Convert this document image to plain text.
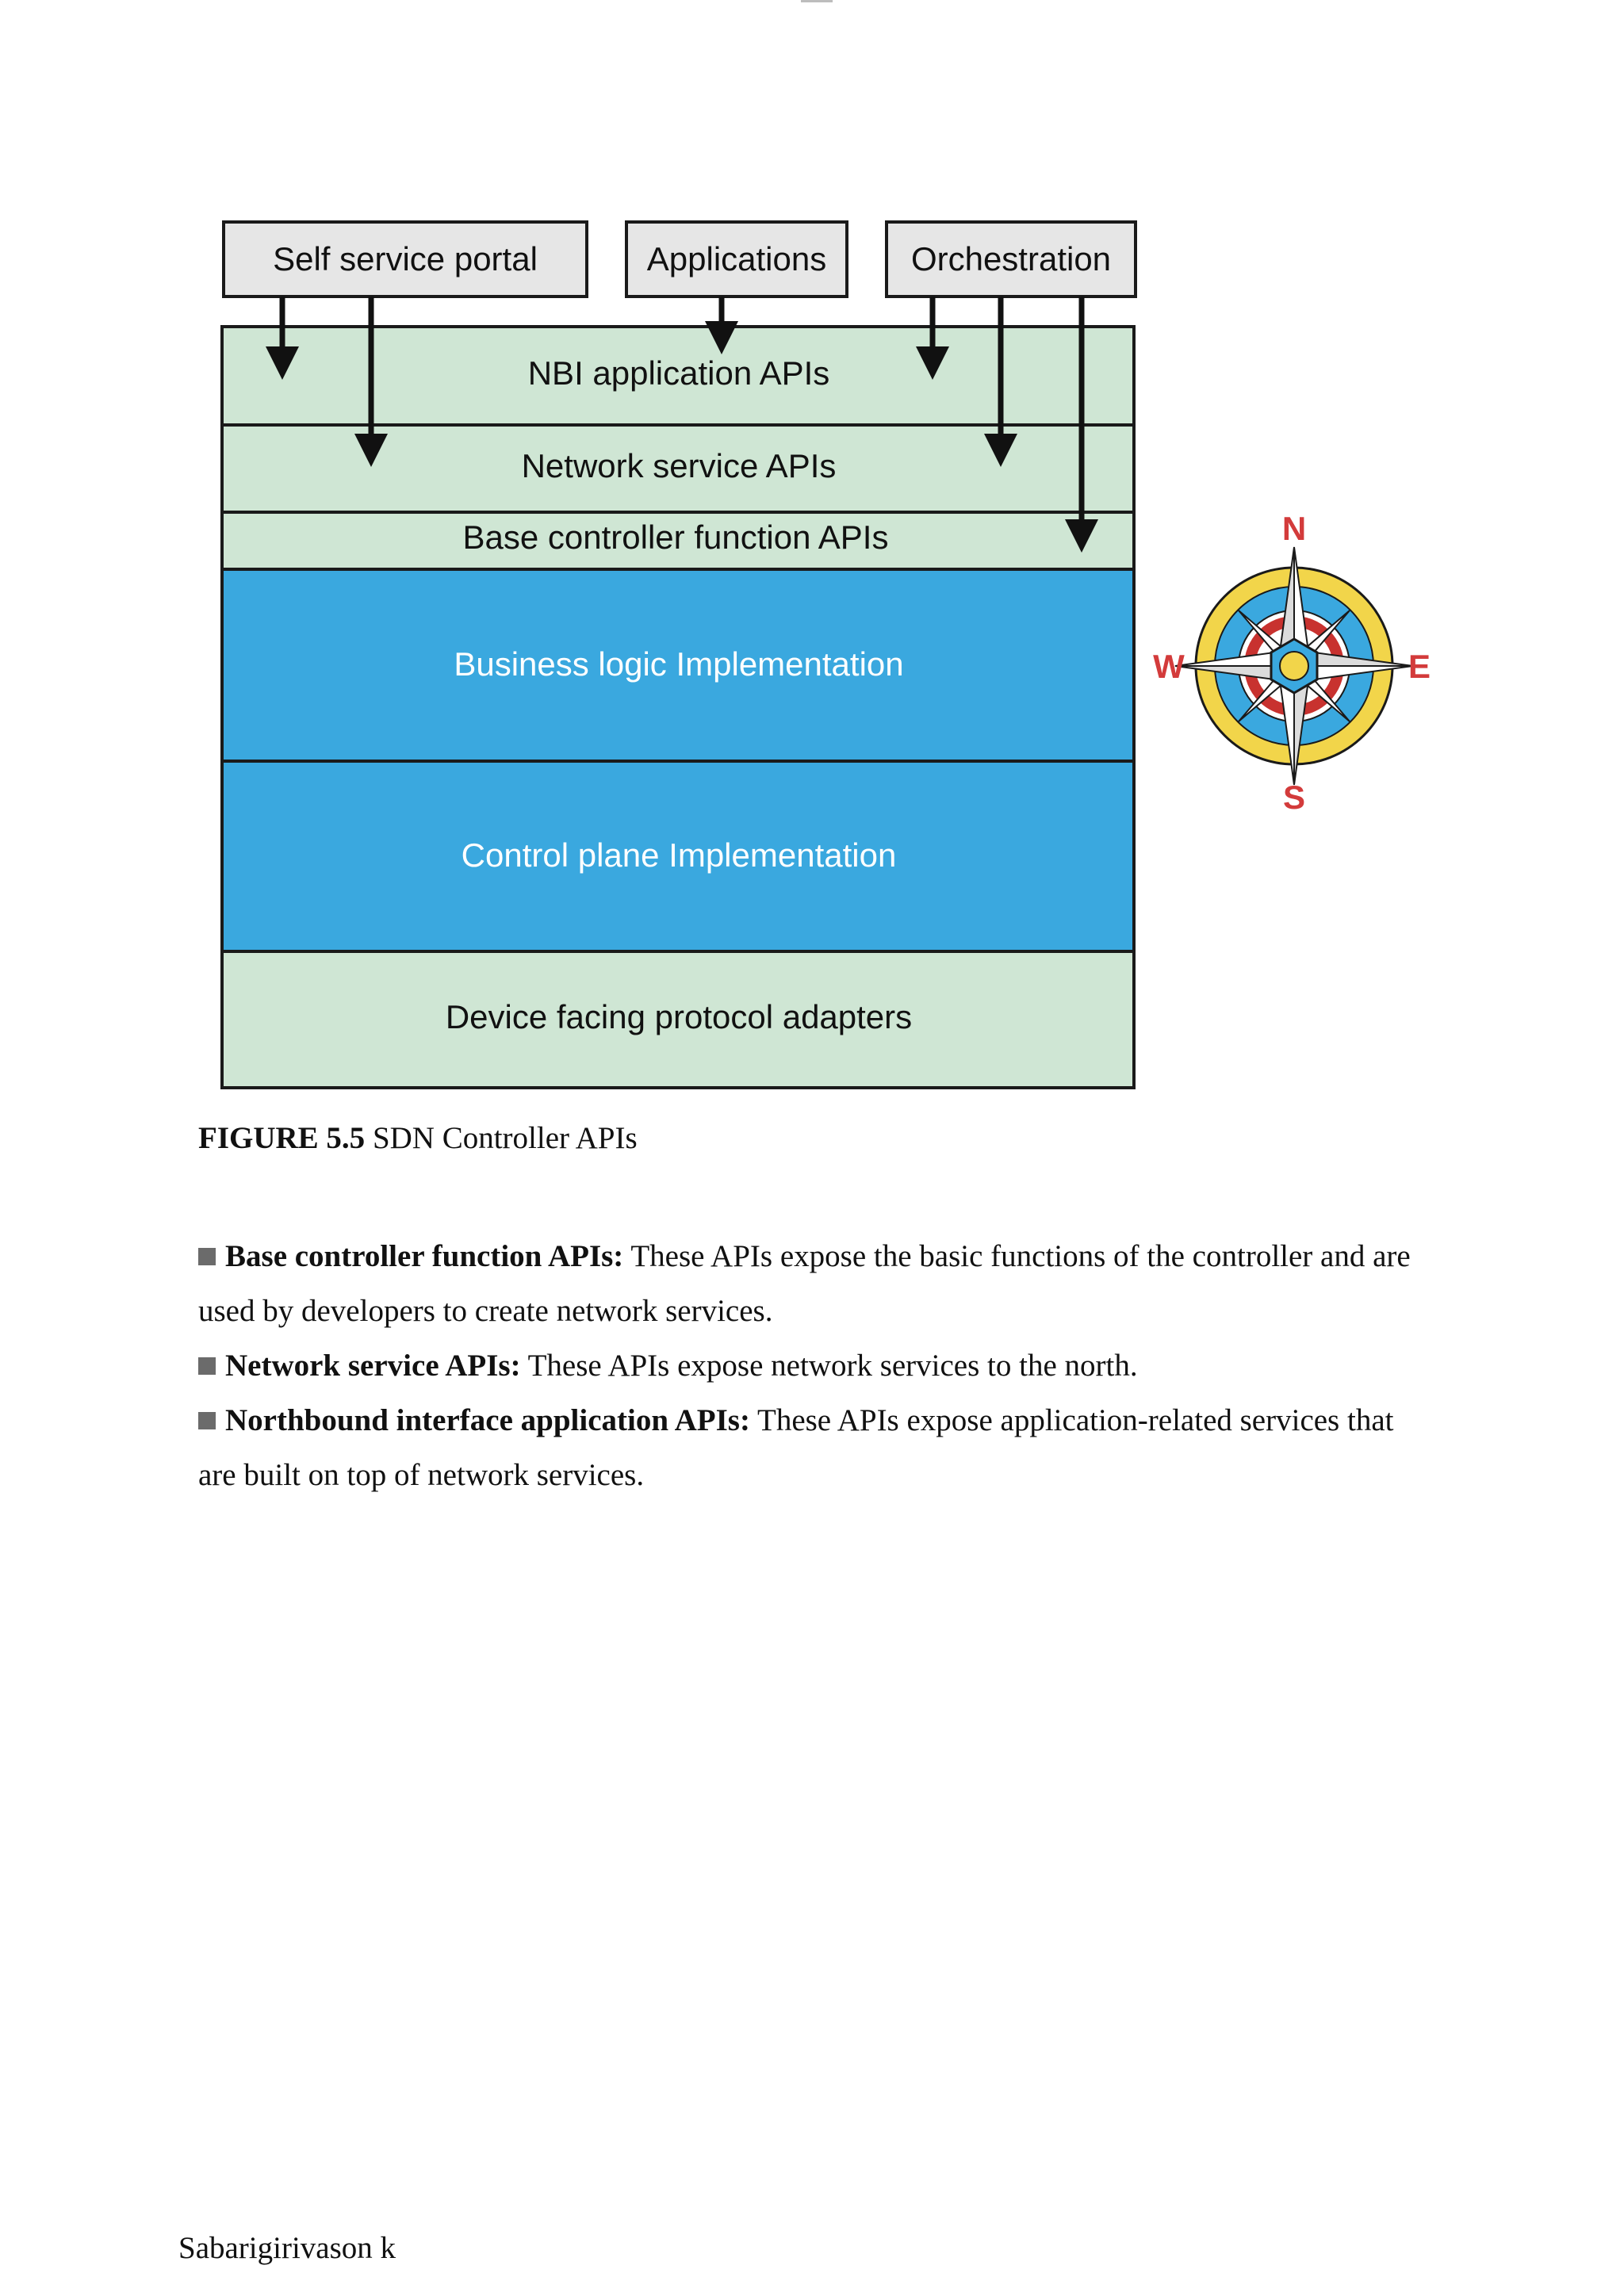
Self service portal	Applications	Orchestration
NBI application APIs
Network service APIs
Base controller function APIs
Business logic Implementation
Control plane Implementation
Device facing protocol adapters
N
S
E
W
FIGURE 5.5 SDN Controller APIs
Base controller function APIs: These APIs expose the basic functions of the controller and are used by developers to create network services.
Network service APIs: These APIs expose network services to the north.
Northbound interface application APIs: These APIs expose application-related services that are built on top of network services.
Sabarigirivason k
